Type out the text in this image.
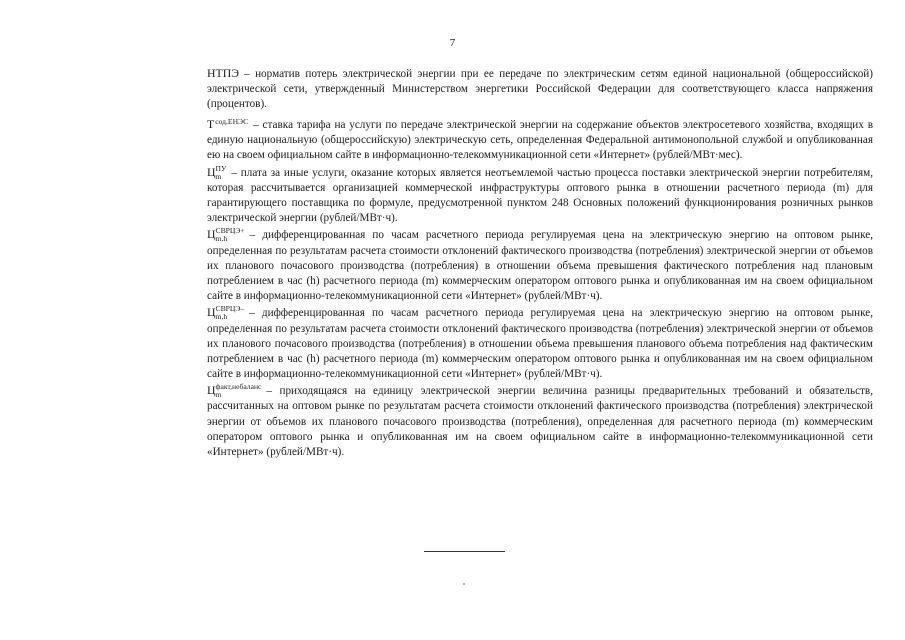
7

НТПЭ – норматив потерь электрической энергии при ее передаче по электрическим сетям единой национальной (общероссийской) электрической сети, утвержденный Министерством энергетики Российской Федерации для соответствующего класса напряжения (процентов).

$Т^{сод,ЕНЭС}$ – ставка тарифа на услуги по передаче электрической энергии на содержание объектов электросетевого хозяйства, входящих в единую национальную (общероссийскую) электрическую сеть, определенная Федеральной антимонопольной службой и опубликованная ею на своем официальном сайте в информационно-телекоммуникационной сети «Интернет» (рублей/МВт·мес).

Ц ПУ
m – плата за иные услуги, оказание которых является неотъемлемой частью процесса поставки электрической энергии потребителям, которая рассчитывается организацией коммерческой инфраструктуры оптового рынка в отношении расчетного периода (m) для гарантирующего поставщика по формуле, предусмотренной пунктом 248 Основных положений функционирования розничных рынков электрической энергии (рублей/МВт·ч).

Ц СВРЦЭ+
m,h	– дифференцированная по часам расчетного периода регулируемая цена на электрическую энергию на оптовом рынке, определенная по результатам расчета стоимости отклонений фактического производства (потребления) электрической энергии от объемов их планового почасового производства (потребления) в отношении объема превышения фактического потребления над плановым потреблением в час (h) расчетного периода (m) коммерческим оператором оптового рынка и опубликованная им на своем официальном сайте в информационно-телекоммуникационной сети «Интернет» (рублей/МВт·ч).

Ц СВРЦЭ–
m,h	– дифференцированная по часам расчетного периода регулируемая цена на электрическую энергию на оптовом рынке, определенная по результатам расчета стоимости отклонений фактического производства (потребления) электрической энергии от объемов их планового почасового производства (потребления) в отношении объема превышения планового объема потребления над фактическим потреблением в час (h) расчетного периода (m) коммерческим оператором оптового рынка и опубликованная им на своем официальном сайте в информационно-телекоммуникационной сети «Интернет» (рублей/МВт·ч).

Ц факт,небаланс
m	– приходящаяся на единицу электрической энергии величина разницы предварительных требований и обязательств, рассчитанных на оптовом рынке по результатам расчета стоимости отклонений фактического производства (потребления) электрической энергии от объемов их планового почасового производства (потребления), определенная для расчетного периода (m) коммерческим оператором оптового рынка и опубликованная им на своем официальном сайте в информационно-телекоммуникационной сети «Интернет» (рублей/МВт·ч).
